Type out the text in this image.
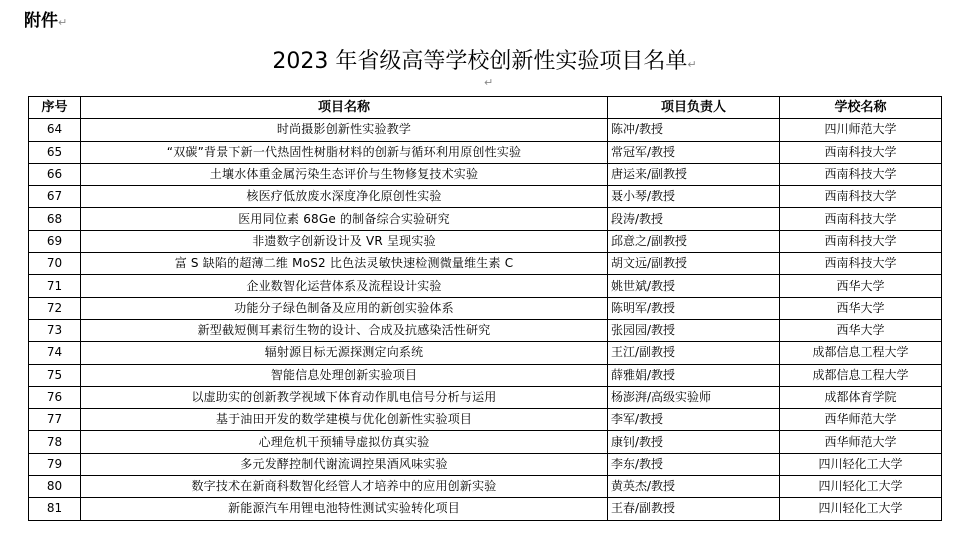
附件↵
2023 年省级高等学校创新性实验项目名单↵
↵
序号	项目名称	项目负责人	学校名称
64	时尚摄影创新性实验教学	陈冲/教授	四川师范大学
65	“双碳”背景下新一代热固性树脂材料的创新与循环利用原创性实验	常冠军/教授	西南科技大学
66	土壤水体重金属污染生态评价与生物修复技术实验	唐运来/副教授	西南科技大学
67	核医疗低放废水深度净化原创性实验	聂小琴/教授	西南科技大学
68	医用同位素 68Ge 的制备综合实验研究	段涛/教授	西南科技大学
69	非遗数字创新设计及 VR 呈现实验	邱意之/副教授	西南科技大学
70	富 S 缺陷的超薄二维 MoS2 比色法灵敏快速检测微量维生素 C	胡文远/副教授	西南科技大学
71	企业数智化运营体系及流程设计实验	姚世斌/教授	西华大学
72	功能分子绿色制备及应用的新创实验体系	陈明军/教授	西华大学
73	新型截短侧耳素衍生物的设计、合成及抗感染活性研究	张园园/教授	西华大学
74	辐射源目标无源探测定向系统	王江/副教授	成都信息工程大学
75	智能信息处理创新实验项目	薛雅娟/教授	成都信息工程大学
76	以虚助实的创新教学视域下体育动作肌电信号分析与运用	杨澎湃/高级实验师	成都体育学院
77	基于油田开发的数学建模与优化创新性实验项目	李军/教授	西华师范大学
78	心理危机干预辅导虚拟仿真实验	康钊/教授	西华师范大学
79	多元发酵控制代谢流调控果酒风味实验	李东/教授	四川轻化工大学
80	数字技术在新商科数智化经管人才培养中的应用创新实验	黄英杰/教授	四川轻化工大学
81	新能源汽车用锂电池特性测试实验转化项目	王春/副教授	四川轻化工大学
